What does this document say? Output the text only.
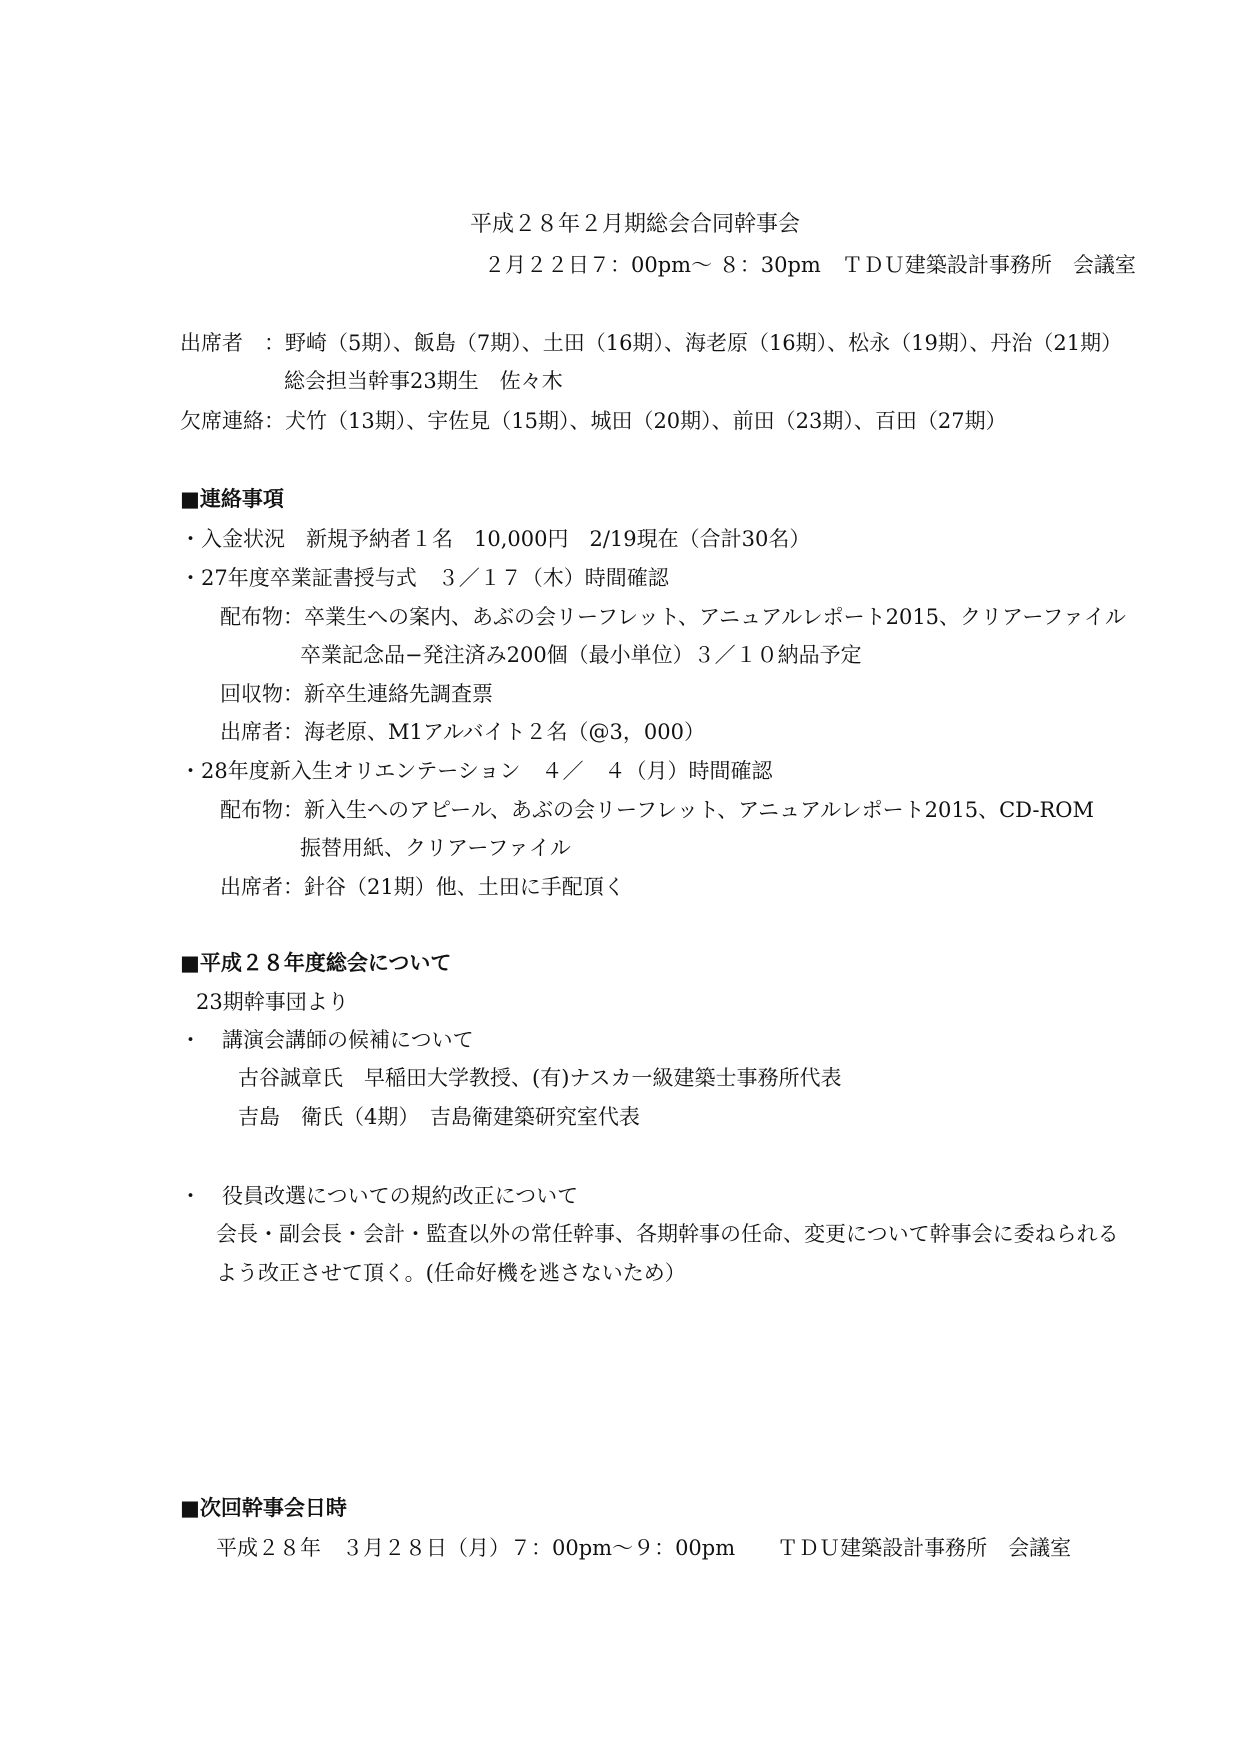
平成２８年２月期総会合同幹事会
２月２２日７：00pm～ ８：30pm　ＴＤＵ建築設計事務所　会議室
出席者　：野崎（5期）、飯島（7期）、土田（16期）、海老原（16期）、松永（19期）、丹治（21期）
総会担当幹事23期生　佐々木
欠席連絡：犬竹（13期）、宇佐見（15期）、城田（20期）、前田（23期）、百田（27期）
■連絡事項
・入金状況　新規予納者１名　10,000円　2/19現在（合計30名）
・27年度卒業証書授与式　３／１７（木）時間確認
配布物：卒業生への案内、あぶの会リーフレット、アニュアルレポート2015、クリアーファイル
卒業記念品−発注済み200個（最小単位）３／１０納品予定
回収物：新卒生連絡先調査票
出席者：海老原、M1アルバイト２名（@3，000）
・28年度新入生オリエンテーション　４／　４（月）時間確認
配布物：新入生へのアピール、あぶの会リーフレット、アニュアルレポート2015、CD-ROM
振替用紙、クリアーファイル
出席者：針谷（21期）他、土田に手配頂く
■平成２８年度総会について
23期幹事団より
・　講演会講師の候補について
古谷誠章氏　早稲田大学教授、(有)ナスカ一級建築士事務所代表
吉島　衛氏（4期）　吉島衛建築研究室代表
・　役員改選についての規約改正について
会長・副会長・会計・監査以外の常任幹事、各期幹事の任命、変更について幹事会に委ねられる
よう改正させて頂く。(任命好機を逃さないため）
■次回幹事会日時
平成２８年　３月２８日（月）７：00pm～９：00pm　　ＴＤＵ建築設計事務所　会議室
